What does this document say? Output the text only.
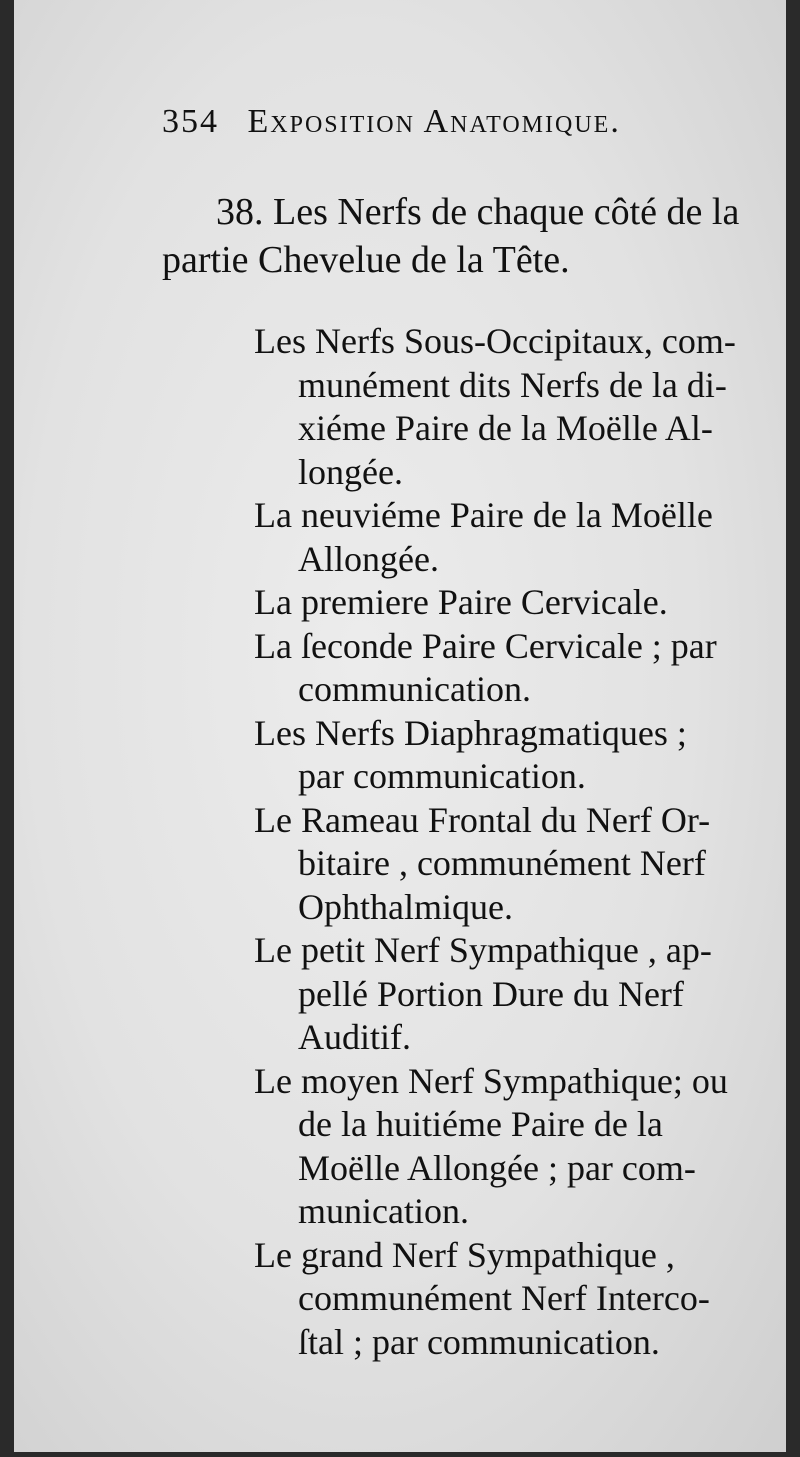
354 Exposition Anatomique.
38. Les Nerfs de chaque côté de la
partie Chevelue de la Tête.
Les Nerfs Sous-Occipitaux, com-
munément dits Nerfs de la di-
xiéme Paire de la Moëlle Al-
longée.
La neuviéme Paire de la Moëlle
Allongée.
La premiere Paire Cervicale.
La ſeconde Paire Cervicale ; par
communication.
Les Nerfs Diaphragmatiques ;
par communication.
Le Rameau Frontal du Nerf Or-
bitaire , communément Nerf
Ophthalmique.
Le petit Nerf Sympathique , ap-
pellé Portion Dure du Nerf
Auditif.
Le moyen Nerf Sympathique; ou
de la huitiéme Paire de la
Moëlle Allongée ; par com-
munication.
Le grand Nerf Sympathique ,
communément Nerf Interco-
ſtal ; par communication.
